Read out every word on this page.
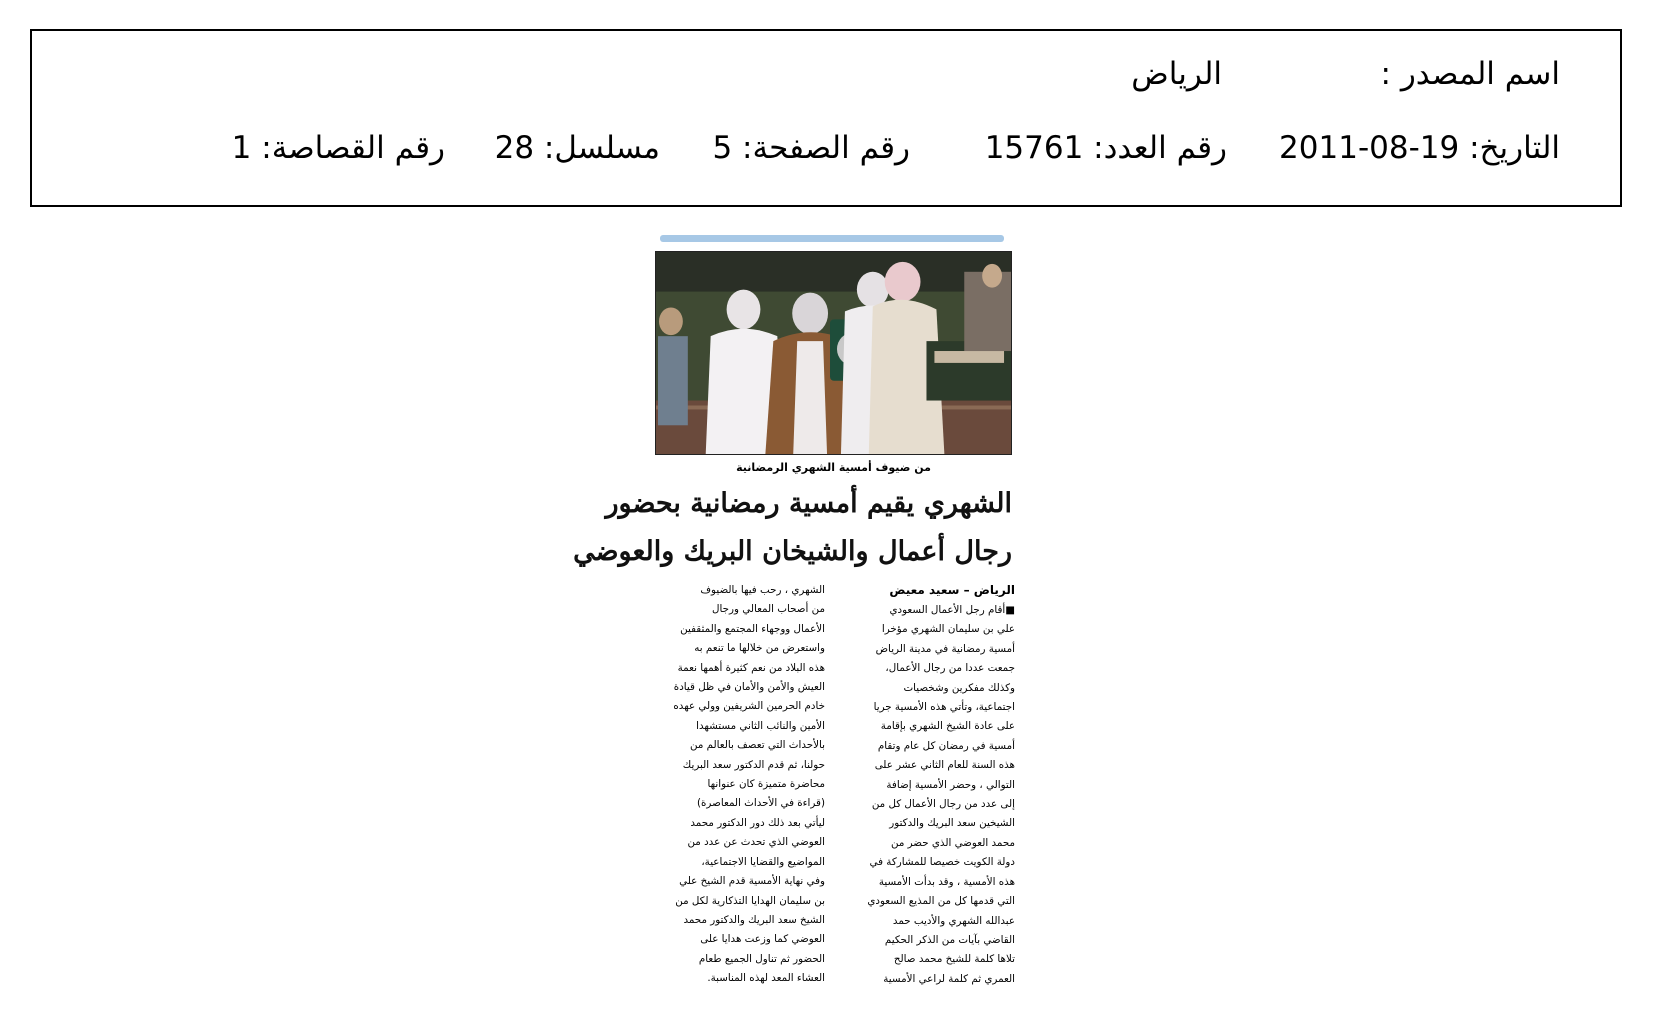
اسم المصدر :
الرياض
التاريخ: 19-08-2011
رقم العدد: 15761
رقم الصفحة: 5
مسلسل: 28
رقم القصاصة: 1
من ضيوف أمسية الشهري الرمضانية
الشهري يقيم أمسية رمضانية بحضور
رجال أعمال والشيخان البريك والعوضي
الرياض – سعيد معيض
■أقام رجل الأعمال السعودي
علي بن سليمان الشهري مؤخرا
أمسية رمضانية في مدينة الرياض
جمعت عددا من رجال الأعمال،
وكذلك مفكرين وشخصيات
اجتماعية، وتأتي هذه الأمسية جريا
على عادة الشيخ الشهري بإقامة
أمسية في رمضان كل عام وتقام
هذه السنة للعام الثاني عشر على
التوالي ، وحضر الأمسية إضافة
إلى عدد من رجال الأعمال كل من
الشيخين سعد البريك والدكتور
محمد العوضي الذي حضر من
دولة الكويت خصيصا للمشاركة في
هذه الأمسية ، وقد بدأت الأمسية
التي قدمها كل من المذيع السعودي
عبدالله الشهري والأديب حمد
القاضي بآيات من الذكر الحكيم
تلاها كلمة للشيخ محمد صالح
العمري ثم كلمة لراعي الأمسية
الشهري ، رحب فيها بالضيوف
من أصحاب المعالي ورجال
الأعمال ووجهاء المجتمع والمثقفين
واستعرض من خلالها ما تنعم به
هذه البلاد من نعم كثيرة أهمها نعمة
العيش والأمن والأمان في ظل قيادة
خادم الحرمين الشريفين وولي عهده
الأمين والنائب الثاني مستشهدا
بالأحداث التي تعصف بالعالم من
حولنا، ثم قدم الدكتور سعد البريك
محاضرة متميزة كان عنوانها
(قراءة في الأحداث المعاصرة)
ليأتي بعد ذلك دور الدكتور محمد
العوضي الذي تحدث عن عدد من
المواضيع والقضايا الاجتماعية،
وفي نهاية الأمسية قدم الشيخ علي
بن سليمان الهدايا التذكارية لكل من
الشيخ سعد البريك والدكتور محمد
العوضي كما وزعت هدايا على
الحضور ثم تناول الجميع طعام
العشاء المعد لهذه المناسبة.
